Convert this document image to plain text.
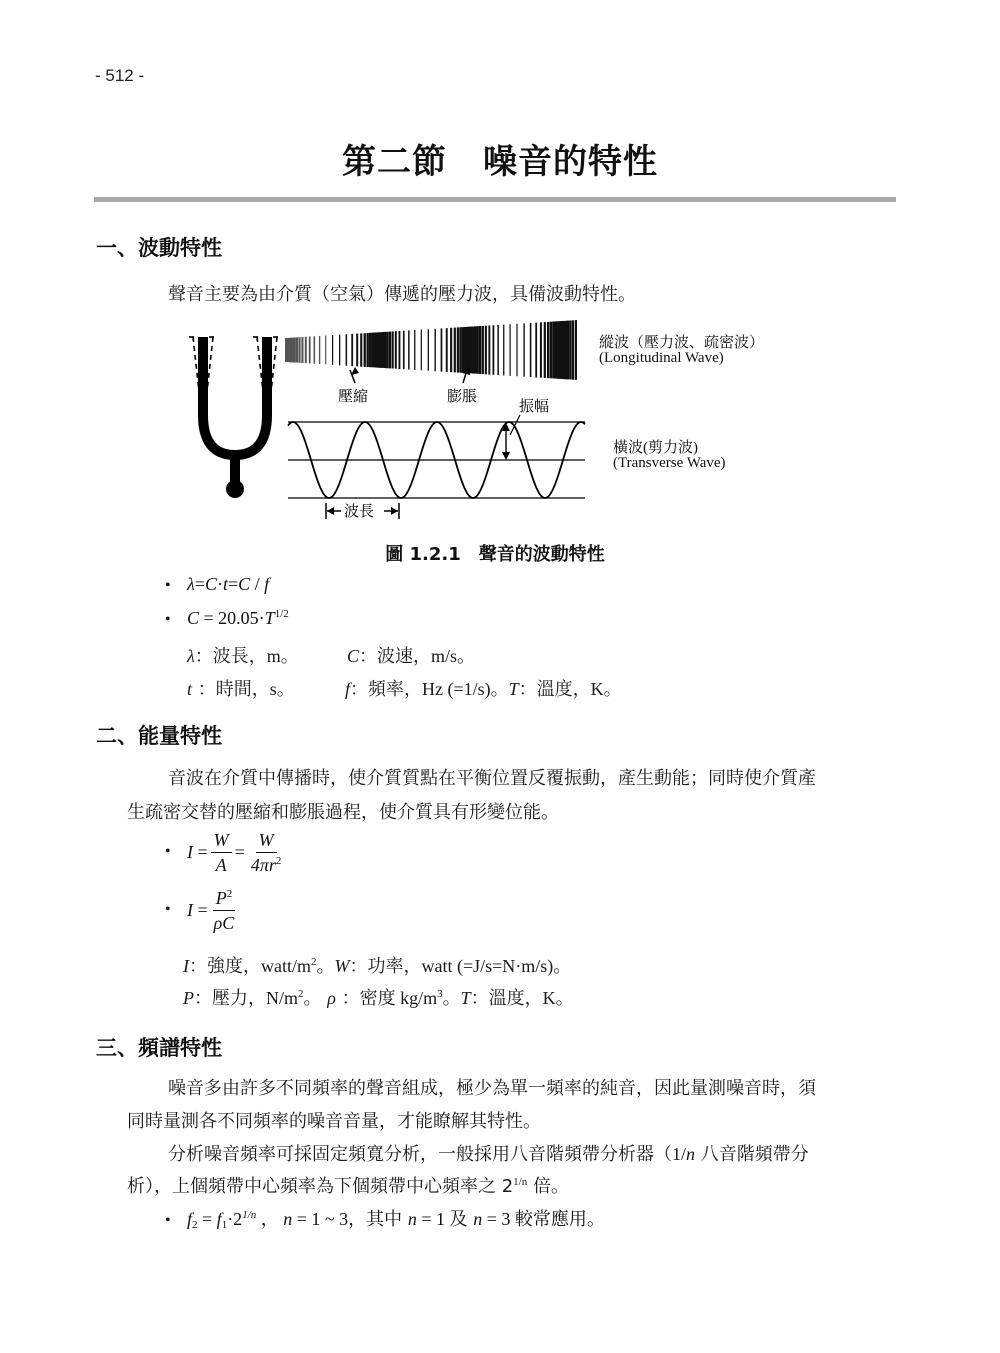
- 512 -
第二節 噪音的特性
一、波動特性
聲音主要為由介質（空氣）傳遞的壓力波，具備波動特性。
壓縮	膨脹
振幅
波長
縱波（壓力波、疏密波）
(Longitudinal Wave)
橫波(剪力波)
(Transverse Wave)
圖 1.2.1　聲音的波動特性
• λ=C·t=C / f
• $C = 20.05\cdot T^{1/2}$
λ：波長，m。	C：波速，m/s。
t ：時間，s。	f：頻率，Hz (=1/s)。T：溫度，K。
二、能量特性
音波在介質中傳播時，使介質質點在平衡位置反覆振動，產生動能；同時使介質產
生疏密交替的壓縮和膨脹過程，使介質具有形變位能。
• I
= $\frac{W}{A} = \frac{W}{4\pi r^2}$
• I
= $\frac{P^2}{\rho C}$
I：強度，watt/$m^2$。W：功率，watt (=J/s=N·m/s)。
P：壓力，$N/m^2$。 ρ ：密度 $kg/m^3$。T：溫度，K。
三、頻譜特性
噪音多由許多不同頻率的聲音組成，極少為單一頻率的純音，因此量測噪音時，須
同時量測各不同頻率的噪音音量，才能瞭解其特性。
分析噪音頻率可採固定頻寬分析，一般採用八音階頻帶分析器（1/n 八音階頻帶分
析），上個頻帶中心頻率為下個頻帶中心頻率之 $2^{1/n}$ 倍。
• $f_2 = f_1\cdot 2^{1/n}$ ， n = 1 ~ 3，其中 n = 1 及 n = 3 較常應用。
